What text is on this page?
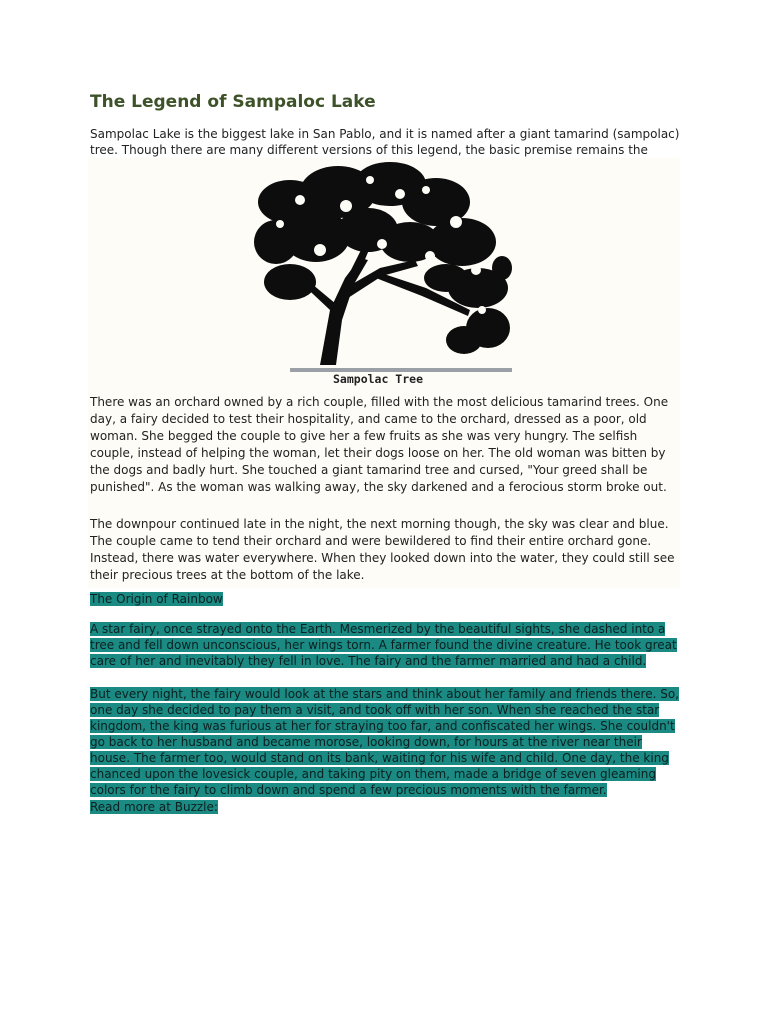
The Legend of Sampaloc Lake

Sampolac Lake is the biggest lake in San Pablo, and it is named after a giant tamarind (sampolac) tree. Though there are many different versions of this legend, the basic premise remains the

Sampolac Tree

There was an orchard owned by a rich couple, filled with the most delicious tamarind trees. One day, a fairy decided to test their hospitality, and came to the orchard, dressed as a poor, old woman. She begged the couple to give her a few fruits as she was very hungry. The selfish couple, instead of helping the woman, let their dogs loose on her. The old woman was bitten by the dogs and badly hurt. She touched a giant tamarind tree and cursed, "Your greed shall be punished". As the woman was walking away, the sky darkened and a ferocious storm broke out.

The downpour continued late in the night, the next morning though, the sky was clear and blue. The couple came to tend their orchard and were bewildered to find their entire orchard gone. Instead, there was water everywhere. When they looked down into the water, they could still see their precious trees at the bottom of the lake.

The Origin of Rainbow

A star fairy, once strayed onto the Earth. Mesmerized by the beautiful sights, she dashed into a tree and fell down unconscious, her wings torn. A farmer found the divine creature. He took great care of her and inevitably they fell in love. The fairy and the farmer married and had a child.

But every night, the fairy would look at the stars and think about her family and friends there. So, one day she decided to pay them a visit, and took off with her son. When she reached the star kingdom, the king was furious at her for straying too far, and confiscated her wings. She couldn't go back to her husband and became morose, looking down, for hours at the river near their house. The farmer too, would stand on its bank, waiting for his wife and child. One day, the king chanced upon the lovesick couple, and taking pity on them, made a bridge of seven gleaming colors for the fairy to climb down and spend a few precious moments with the farmer.

Read more at Buzzle:
